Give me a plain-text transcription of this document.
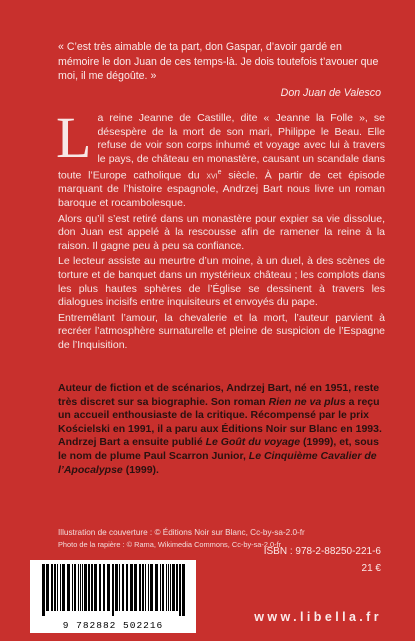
« C’est très aimable de ta part, don Gaspar, d’avoir gardé en mémoire le don Juan de ces temps-là. Je dois toutefois t’avouer que moi, il me dégoûte. »
Don Juan de Valesco

La reine Jeanne de Castille, dite « Jeanne la Folle », se désespère de la mort de son mari, Philippe le Beau. Elle refuse de voir son corps inhumé et voyage avec lui à travers le pays, de château en monastère, causant un scandale dans toute l’Europe catholique du xvi$^e$ siècle. À partir de cet épisode marquant de l’histoire espagnole, Andrzej Bart nous livre un roman baroque et rocambolesque.

Alors qu’il s’est retiré dans un monastère pour expier sa vie dissolue, don Juan est appelé à la rescousse afin de ramener la reine à la raison. Il gagne peu à peu sa confiance.

Le lecteur assiste au meurtre d’un moine, à un duel, à des scènes de torture et de banquet dans un mystérieux château ; les complots dans les plus hautes sphères de l’Église se dessinent à travers les dialogues incisifs entre inquisiteurs et envoyés du pape.

Entremêlant l’amour, la chevalerie et la mort, l’auteur parvient à recréer l’atmosphère surnaturelle et pleine de suspicion de l’Espagne de l’Inquisition.

Auteur de fiction et de scénarios, Andrzej Bart, né en 1951, reste très discret sur sa biographie. Son roman Rien ne va plus a reçu un accueil enthousiaste de la critique. Récompensé par le prix Kościelski en 1991, il a paru aux Éditions Noir sur Blanc en 1993. Andrzej Bart a ensuite publié Le Goût du voyage (1999), et, sous le nom de plume Paul Scarron Junior, Le Cinquième Cavalier de l’Apocalypse (1999).
Illustration de couverture : © Éditions Noir sur Blanc, Cc-by-sa-2.0-fr
Photo de la rapière : © Rama, Wikimedia Commons, Cc-by-sa-2.0-fr
ISBN : 978-2-88250-221-6
21 €
9 782882 502216
www.libella.fr
